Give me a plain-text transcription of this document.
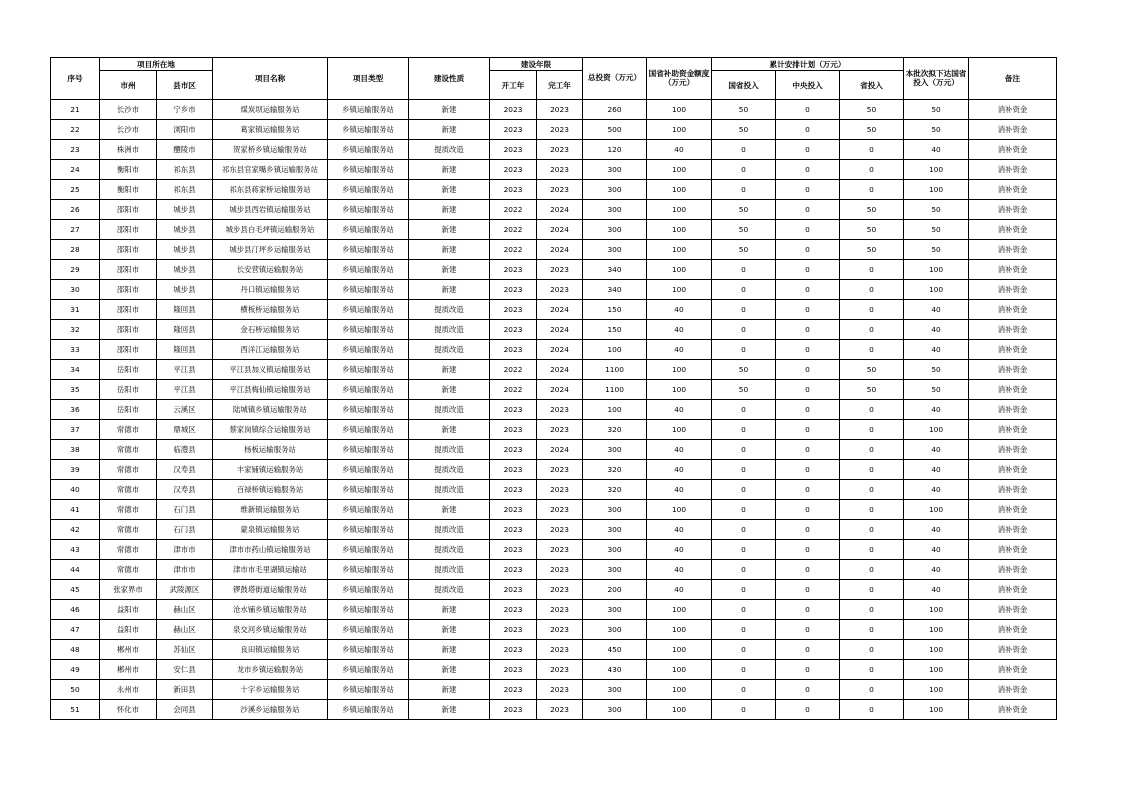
序号	项目所在地		项目名称	项目类型	建设性质	建设年限		总投资（万元）	国省补助资金额度（万元）	累计安排计划（万元）			本批次拟下达国省投入（万元）	备注
	市州	县市区				开工年	完工年			国省投入	中央投入	省投入		
21	长沙市	宁乡市	煤炭坝运输服务站	乡镇运输服务站	新建	2023	2023	260	100	50	0	50	50	消补资金
22	长沙市	浏阳市	葛家镇运输服务站	乡镇运输服务站	新建	2023	2023	500	100	50	0	50	50	消补资金
23	株洲市	醴陵市	贺家桥乡镇运输服务站	乡镇运输服务站	提质改造	2023	2023	120	40	0	0	0	40	消补资金
24	衡阳市	祁东县	祁东县官家嘴乡镇运输服务站	乡镇运输服务站	新建	2023	2023	300	100	0	0	0	100	消补资金
25	衡阳市	祁东县	祁东县蒋家桥运输服务站	乡镇运输服务站	新建	2023	2023	300	100	0	0	0	100	消补资金
26	邵阳市	城步县	城步县西岩镇运输服务站	乡镇运输服务站	新建	2022	2024	300	100	50	0	50	50	消补资金
27	邵阳市	城步县	城步县白毛坪镇运输服务站	乡镇运输服务站	新建	2022	2024	300	100	50	0	50	50	消补资金
28	邵阳市	城步县	城步县汀坪乡运输服务站	乡镇运输服务站	新建	2022	2024	300	100	50	0	50	50	消补资金
29	邵阳市	城步县	长安营镇运输服务站	乡镇运输服务站	新建	2023	2023	340	100	0	0	0	100	消补资金
30	邵阳市	城步县	丹口镇运输服务站	乡镇运输服务站	新建	2023	2023	340	100	0	0	0	100	消补资金
31	邵阳市	隆回县	横板桥运输服务站	乡镇运输服务站	提质改造	2023	2024	150	40	0	0	0	40	消补资金
32	邵阳市	隆回县	金石桥运输服务站	乡镇运输服务站	提质改造	2023	2024	150	40	0	0	0	40	消补资金
33	邵阳市	隆回县	西洋江运输服务站	乡镇运输服务站	提质改造	2023	2024	100	40	0	0	0	40	消补资金
34	岳阳市	平江县	平江县加义镇运输服务站	乡镇运输服务站	新建	2022	2024	1100	100	50	0	50	50	消补资金
35	岳阳市	平江县	平江县梅仙镇运输服务站	乡镇运输服务站	新建	2022	2024	1100	100	50	0	50	50	消补资金
36	岳阳市	云溪区	陆城镇乡镇运输服务站	乡镇运输服务站	提质改造	2023	2023	100	40	0	0	0	40	消补资金
37	常德市	鼎城区	蔡家岗镇综合运输服务站	乡镇运输服务站	新建	2023	2023	320	100	0	0	0	100	消补资金
38	常德市	临澧县	杨板运输服务站	乡镇运输服务站	提质改造	2023	2024	300	40	0	0	0	40	消补资金
39	常德市	汉寿县	丰家铺镇运输服务站	乡镇运输服务站	提质改造	2023	2023	320	40	0	0	0	40	消补资金
40	常德市	汉寿县	百禄桥镇运输服务站	乡镇运输服务站	提质改造	2023	2023	320	40	0	0	0	40	消补资金
41	常德市	石门县	维新镇运输服务站	乡镇运输服务站	新建	2023	2023	300	100	0	0	0	100	消补资金
42	常德市	石门县	蒙泉镇运输服务站	乡镇运输服务站	提质改造	2023	2023	300	40	0	0	0	40	消补资金
43	常德市	津市市	津市市药山镇运输服务站	乡镇运输服务站	提质改造	2023	2023	300	40	0	0	0	40	消补资金
44	常德市	津市市	津市市毛里湖镇运输站	乡镇运输服务站	提质改造	2023	2023	300	40	0	0	0	40	消补资金
45	张家界市	武陵源区	锣鼓塔街道运输服务站	乡镇运输服务站	提质改造	2023	2023	200	40	0	0	0	40	消补资金
46	益阳市	赫山区	沧水铺乡镇运输服务站	乡镇运输服务站	新建	2023	2023	300	100	0	0	0	100	消补资金
47	益阳市	赫山区	泉交河乡镇运输服务站	乡镇运输服务站	新建	2023	2023	300	100	0	0	0	100	消补资金
48	郴州市	苏仙区	良田镇运输服务站	乡镇运输服务站	新建	2023	2023	450	100	0	0	0	100	消补资金
49	郴州市	安仁县	龙市乡镇运输服务站	乡镇运输服务站	新建	2023	2023	430	100	0	0	0	100	消补资金
50	永州市	新田县	十字乡运输服务站	乡镇运输服务站	新建	2023	2023	300	100	0	0	0	100	消补资金
51	怀化市	会同县	沙溪乡运输服务站	乡镇运输服务站	新建	2023	2023	300	100	0	0	0	100	消补资金
